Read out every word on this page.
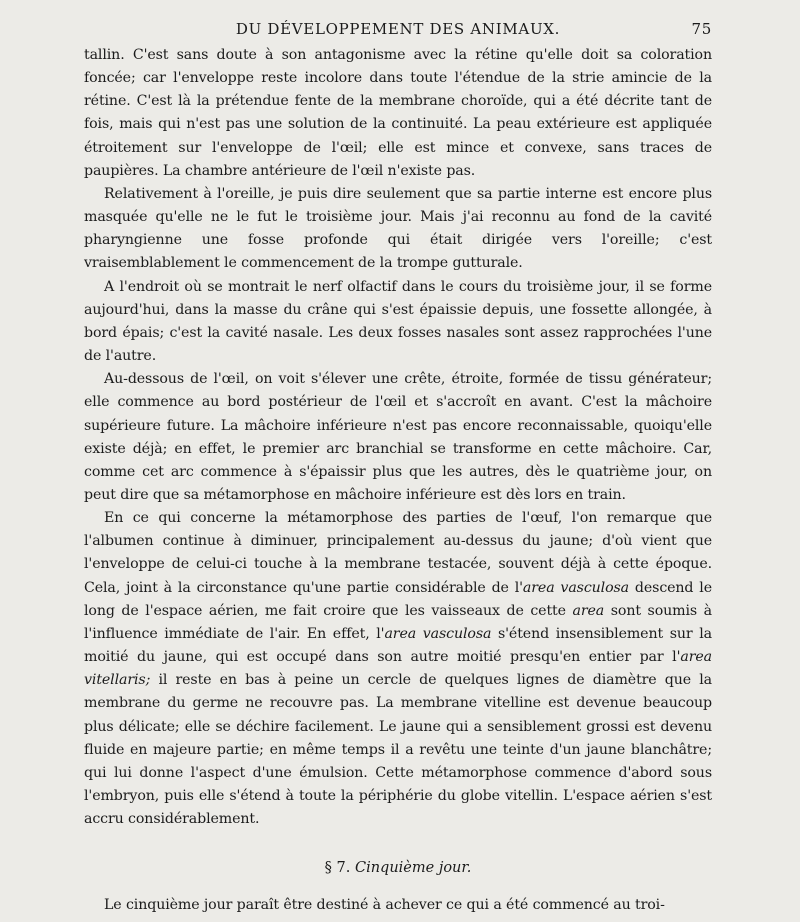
DU DÉVELOPPEMENT DES ANIMAUX.	75

tallin. C'est sans doute à son antagonisme avec la rétine qu'elle doit sa coloration foncée; car l'enveloppe reste incolore dans toute l'étendue de la strie amincie de la rétine. C'est là la prétendue fente de la membrane choroïde, qui a été décrite tant de fois, mais qui n'est pas une solution de la continuité. La peau extérieure est appliquée étroitement sur l'enveloppe de l'œil; elle est mince et convexe, sans traces de paupières. La chambre antérieure de l'œil n'existe pas.

Relativement à l'oreille, je puis dire seulement que sa partie interne est encore plus masquée qu'elle ne le fut le troisième jour. Mais j'ai reconnu au fond de la cavité pharyngienne une fosse profonde qui était dirigée vers l'oreille; c'est vraisemblablement le commencement de la trompe gutturale.

A l'endroit où se montrait le nerf olfactif dans le cours du troisième jour, il se forme aujourd'hui, dans la masse du crâne qui s'est épaissie depuis, une fossette allongée, à bord épais; c'est la cavité nasale. Les deux fosses nasales sont assez rapprochées l'une de l'autre.

Au-dessous de l'œil, on voit s'élever une crête, étroite, formée de tissu générateur; elle commence au bord postérieur de l'œil et s'accroît en avant. C'est la mâchoire supérieure future. La mâchoire inférieure n'est pas encore reconnaissable, quoiqu'elle existe déjà; en effet, le premier arc branchial se transforme en cette mâchoire. Car, comme cet arc commence à s'épaissir plus que les autres, dès le quatrième jour, on peut dire que sa métamorphose en mâchoire inférieure est dès lors en train.

En ce qui concerne la métamorphose des parties de l'œuf, l'on remarque que l'albumen continue à diminuer, principalement au-dessus du jaune; d'où vient que l'enveloppe de celui-ci touche à la membrane testacée, souvent déjà à cette époque. Cela, joint à la circonstance qu'une partie considérable de l'area vasculosa descend le long de l'espace aérien, me fait croire que les vaisseaux de cette area sont soumis à l'influence immédiate de l'air. En effet, l'area vasculosa s'étend insensiblement sur la moitié du jaune, qui est occupé dans son autre moitié presqu'en entier par l'area vitellaris; il reste en bas à peine un cercle de quelques lignes de diamètre que la membrane du germe ne recouvre pas. La membrane vitelline est devenue beaucoup plus délicate; elle se déchire facilement. Le jaune qui a sensiblement grossi est devenu fluide en majeure partie; en même temps il a revêtu une teinte d'un jaune blanchâtre; qui lui donne l'aspect d'une émulsion. Cette métamorphose commence d'abord sous l'embryon, puis elle s'étend à toute la périphérie du globe vitellin. L'espace aérien s'est accru considérablement.

§ 7. Cinquième jour.

Le cinquième jour paraît être destiné à achever ce qui a été commencé au troi-
